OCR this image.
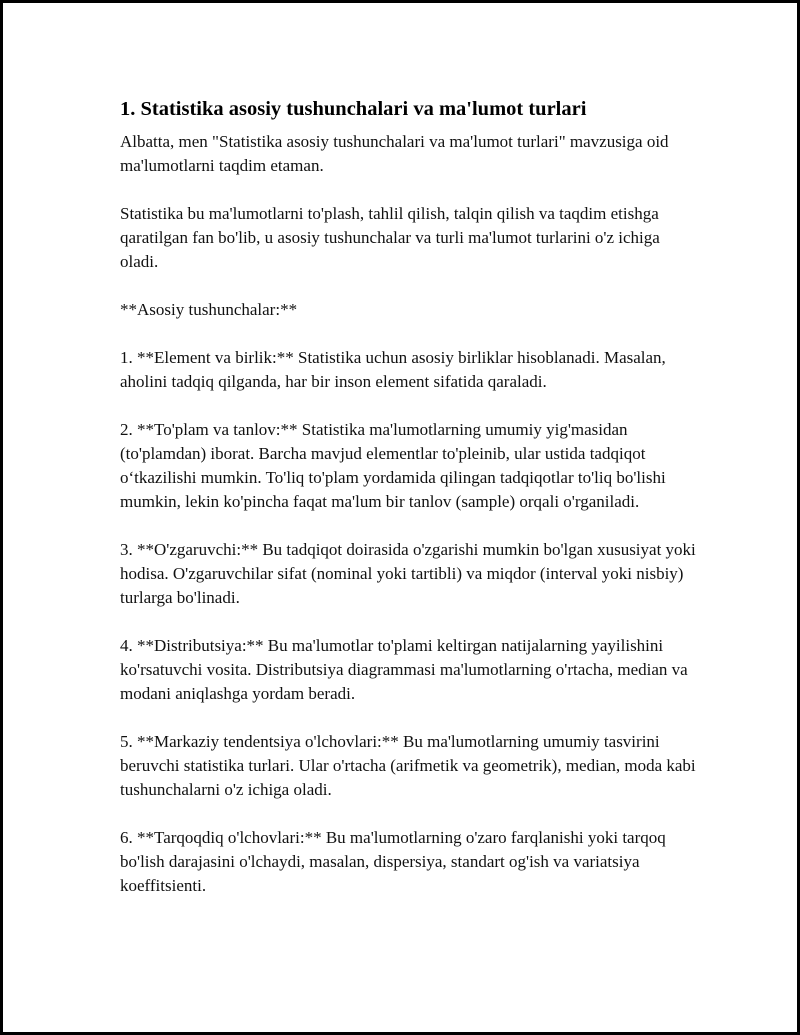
1. Statistika asosiy tushunchalari va ma'lumot turlari

Albatta, men "Statistika asosiy tushunchalari va ma'lumot turlari" mavzusiga oid ma'lumotlarni taqdim etaman.

Statistika bu ma'lumotlarni to'plash, tahlil qilish, talqin qilish va taqdim etishga qaratilgan fan bo'lib, u asosiy tushunchalar va turli ma'lumot turlarini o'z ichiga oladi.

**Asosiy tushunchalar:**

1. **Element va birlik:** Statistika uchun asosiy birliklar hisoblanadi. Masalan, aholini tadqiq qilganda, har bir inson element sifatida qaraladi.

2. **To'plam va tanlov:** Statistika ma'lumotlarning umumiy yig'masidan (to'plamdan) iborat. Barcha mavjud elementlar to'pleinib, ular ustida tadqiqot o‘tkazilishi mumkin. To'liq to'plam yordamida qilingan tadqiqotlar to'liq bo'lishi mumkin, lekin ko'pincha faqat ma'lum bir tanlov (sample) orqali o'rganiladi.

3. **O'zgaruvchi:** Bu tadqiqot doirasida o'zgarishi mumkin bo'lgan xususiyat yoki hodisa. O'zgaruvchilar sifat (nominal yoki tartibli) va miqdor (interval yoki nisbiy) turlarga bo'linadi.

4. **Distributsiya:** Bu ma'lumotlar to'plami keltirgan natijalarning yayilishini ko'rsatuvchi vosita. Distributsiya diagrammasi ma'lumotlarning o'rtacha, median va modani aniqlashga yordam beradi.

5. **Markaziy tendentsiya o'lchovlari:** Bu ma'lumotlarning umumiy tasvirini beruvchi statistika turlari. Ular o'rtacha (arifmetik va geometrik), median, moda kabi tushunchalarni o'z ichiga oladi.

6. **Tarqoqdiq o'lchovlari:** Bu ma'lumotlarning o'zaro farqlanishi yoki tarqoq bo'lish darajasini o'lchaydi, masalan, dispersiya, standart og'ish va variatsiya koeffitsienti.
